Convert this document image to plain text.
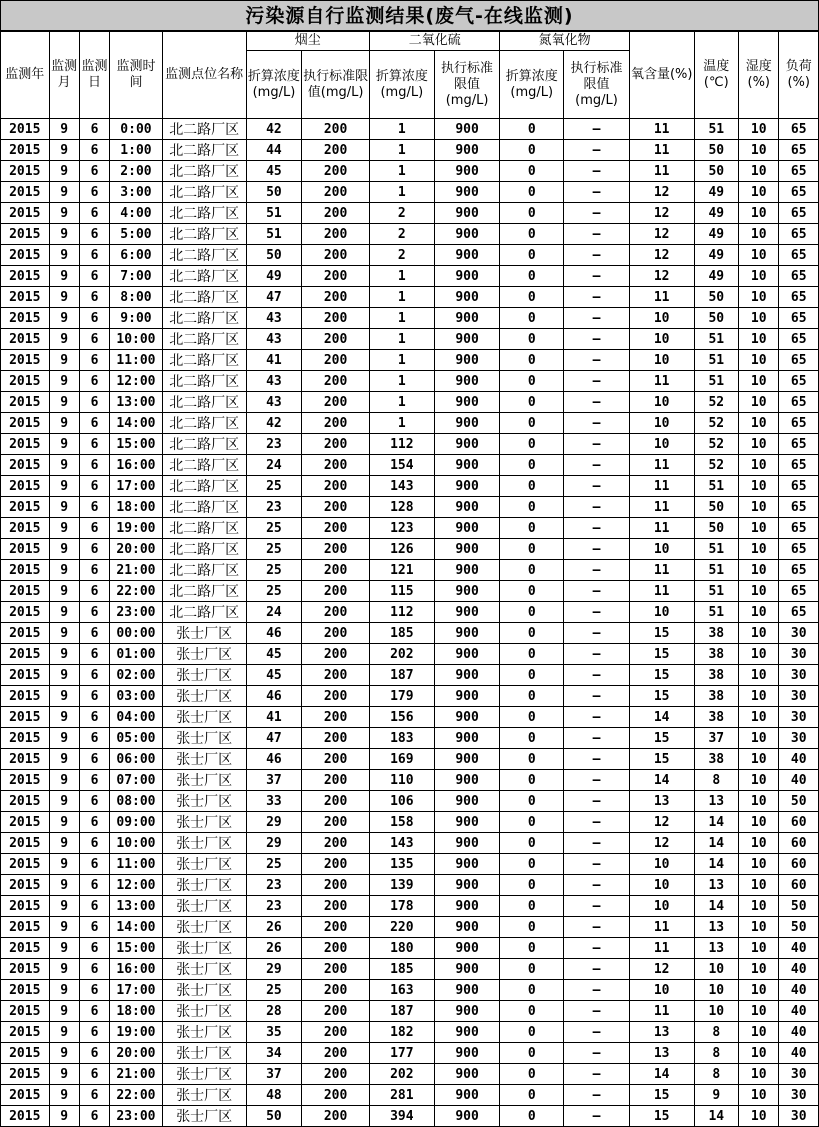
污染源自行监测结果(废气-在线监测)
监测年	监测月	监测日	监测时间	监测点位名称	烟尘		二氧化硫		氮氧化物		氧含量(%)	温度(℃)	湿度(%)	负荷(%)
					折算浓度(mg/L)	执行标准限值(mg/L)	折算浓度(mg/L)	执行标准限值(mg/L)	折算浓度(mg/L)	执行标准限值(mg/L)				
2015	9	6	0:00	北二路厂区	42	200	1	900	0	–	11	51	10	65
2015	9	6	1:00	北二路厂区	44	200	1	900	0	–	11	50	10	65
2015	9	6	2:00	北二路厂区	45	200	1	900	0	–	11	50	10	65
2015	9	6	3:00	北二路厂区	50	200	1	900	0	–	12	49	10	65
2015	9	6	4:00	北二路厂区	51	200	2	900	0	–	12	49	10	65
2015	9	6	5:00	北二路厂区	51	200	2	900	0	–	12	49	10	65
2015	9	6	6:00	北二路厂区	50	200	2	900	0	–	12	49	10	65
2015	9	6	7:00	北二路厂区	49	200	1	900	0	–	12	49	10	65
2015	9	6	8:00	北二路厂区	47	200	1	900	0	–	11	50	10	65
2015	9	6	9:00	北二路厂区	43	200	1	900	0	–	10	50	10	65
2015	9	6	10:00	北二路厂区	43	200	1	900	0	–	10	51	10	65
2015	9	6	11:00	北二路厂区	41	200	1	900	0	–	10	51	10	65
2015	9	6	12:00	北二路厂区	43	200	1	900	0	–	11	51	10	65
2015	9	6	13:00	北二路厂区	43	200	1	900	0	–	10	52	10	65
2015	9	6	14:00	北二路厂区	42	200	1	900	0	–	10	52	10	65
2015	9	6	15:00	北二路厂区	23	200	112	900	0	–	10	52	10	65
2015	9	6	16:00	北二路厂区	24	200	154	900	0	–	11	52	10	65
2015	9	6	17:00	北二路厂区	25	200	143	900	0	–	11	51	10	65
2015	9	6	18:00	北二路厂区	23	200	128	900	0	–	11	50	10	65
2015	9	6	19:00	北二路厂区	25	200	123	900	0	–	11	50	10	65
2015	9	6	20:00	北二路厂区	25	200	126	900	0	–	10	51	10	65
2015	9	6	21:00	北二路厂区	25	200	121	900	0	–	11	51	10	65
2015	9	6	22:00	北二路厂区	25	200	115	900	0	–	11	51	10	65
2015	9	6	23:00	北二路厂区	24	200	112	900	0	–	10	51	10	65
2015	9	6	00:00	张士厂区	46	200	185	900	0	–	15	38	10	30
2015	9	6	01:00	张士厂区	45	200	202	900	0	–	15	38	10	30
2015	9	6	02:00	张士厂区	45	200	187	900	0	–	15	38	10	30
2015	9	6	03:00	张士厂区	46	200	179	900	0	–	15	38	10	30
2015	9	6	04:00	张士厂区	41	200	156	900	0	–	14	38	10	30
2015	9	6	05:00	张士厂区	47	200	183	900	0	–	15	37	10	30
2015	9	6	06:00	张士厂区	46	200	169	900	0	–	15	38	10	40
2015	9	6	07:00	张士厂区	37	200	110	900	0	–	14	8	10	40
2015	9	6	08:00	张士厂区	33	200	106	900	0	–	13	13	10	50
2015	9	6	09:00	张士厂区	29	200	158	900	0	–	12	14	10	60
2015	9	6	10:00	张士厂区	29	200	143	900	0	–	12	14	10	60
2015	9	6	11:00	张士厂区	25	200	135	900	0	–	10	14	10	60
2015	9	6	12:00	张士厂区	23	200	139	900	0	–	10	13	10	60
2015	9	6	13:00	张士厂区	23	200	178	900	0	–	10	14	10	50
2015	9	6	14:00	张士厂区	26	200	220	900	0	–	11	13	10	50
2015	9	6	15:00	张士厂区	26	200	180	900	0	–	11	13	10	40
2015	9	6	16:00	张士厂区	29	200	185	900	0	–	12	10	10	40
2015	9	6	17:00	张士厂区	25	200	163	900	0	–	10	10	10	40
2015	9	6	18:00	张士厂区	28	200	187	900	0	–	11	10	10	40
2015	9	6	19:00	张士厂区	35	200	182	900	0	–	13	8	10	40
2015	9	6	20:00	张士厂区	34	200	177	900	0	–	13	8	10	40
2015	9	6	21:00	张士厂区	37	200	202	900	0	–	14	8	10	30
2015	9	6	22:00	张士厂区	48	200	281	900	0	–	15	9	10	30
2015	9	6	23:00	张士厂区	50	200	394	900	0	–	15	14	10	30
